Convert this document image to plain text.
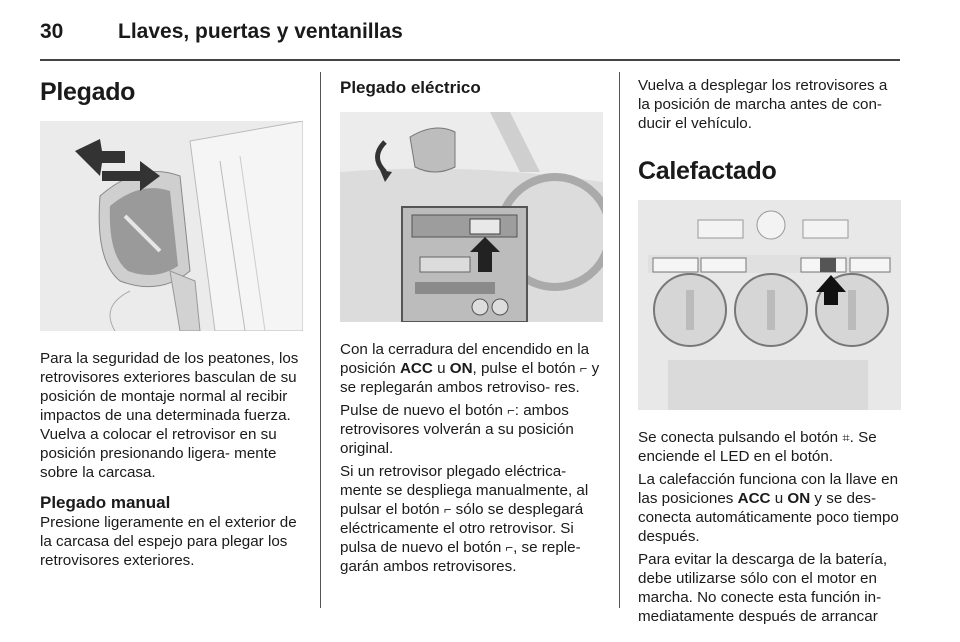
30	Llaves, puertas y ventanillas
Plegado

Para la seguridad de los peatones, los retrovisores exteriores basculan de su posición de montaje normal al recibir impactos de una determinada fuerza. Vuelva a colocar el retrovisor en su posición presionando ligera- mente sobre la carcasa.

Plegado manual

Presione ligeramente en el exterior de la carcasa del espejo para plegar los retrovisores exteriores.

Plegado eléctrico

Con la cerradura del encendido en la posición ACC u ON, pulse el botón ⌐ y se replegarán ambos retroviso- res.

Pulse de nuevo el botón ⌐: ambos retrovisores volverán a su posición original.

Si un retrovisor plegado eléctrica- mente se despliega manualmente, al pulsar el botón ⌐ sólo se desplegará eléctricamente el otro retrovisor. Si pulsa de nuevo el botón ⌐, se reple- garán ambos retrovisores.

Vuelva a desplegar los retrovisores a la posición de marcha antes de con- ducir el vehículo.

Calefactado

Se conecta pulsando el botón ⌗. Se enciende el LED en el botón.

La calefacción funciona con la llave en las posiciones ACC u ON y se des- conecta automáticamente poco tiempo después.

Para evitar la descarga de la batería, debe utilizarse sólo con el motor en marcha. No conecte esta función in- mediatamente después de arrancar
